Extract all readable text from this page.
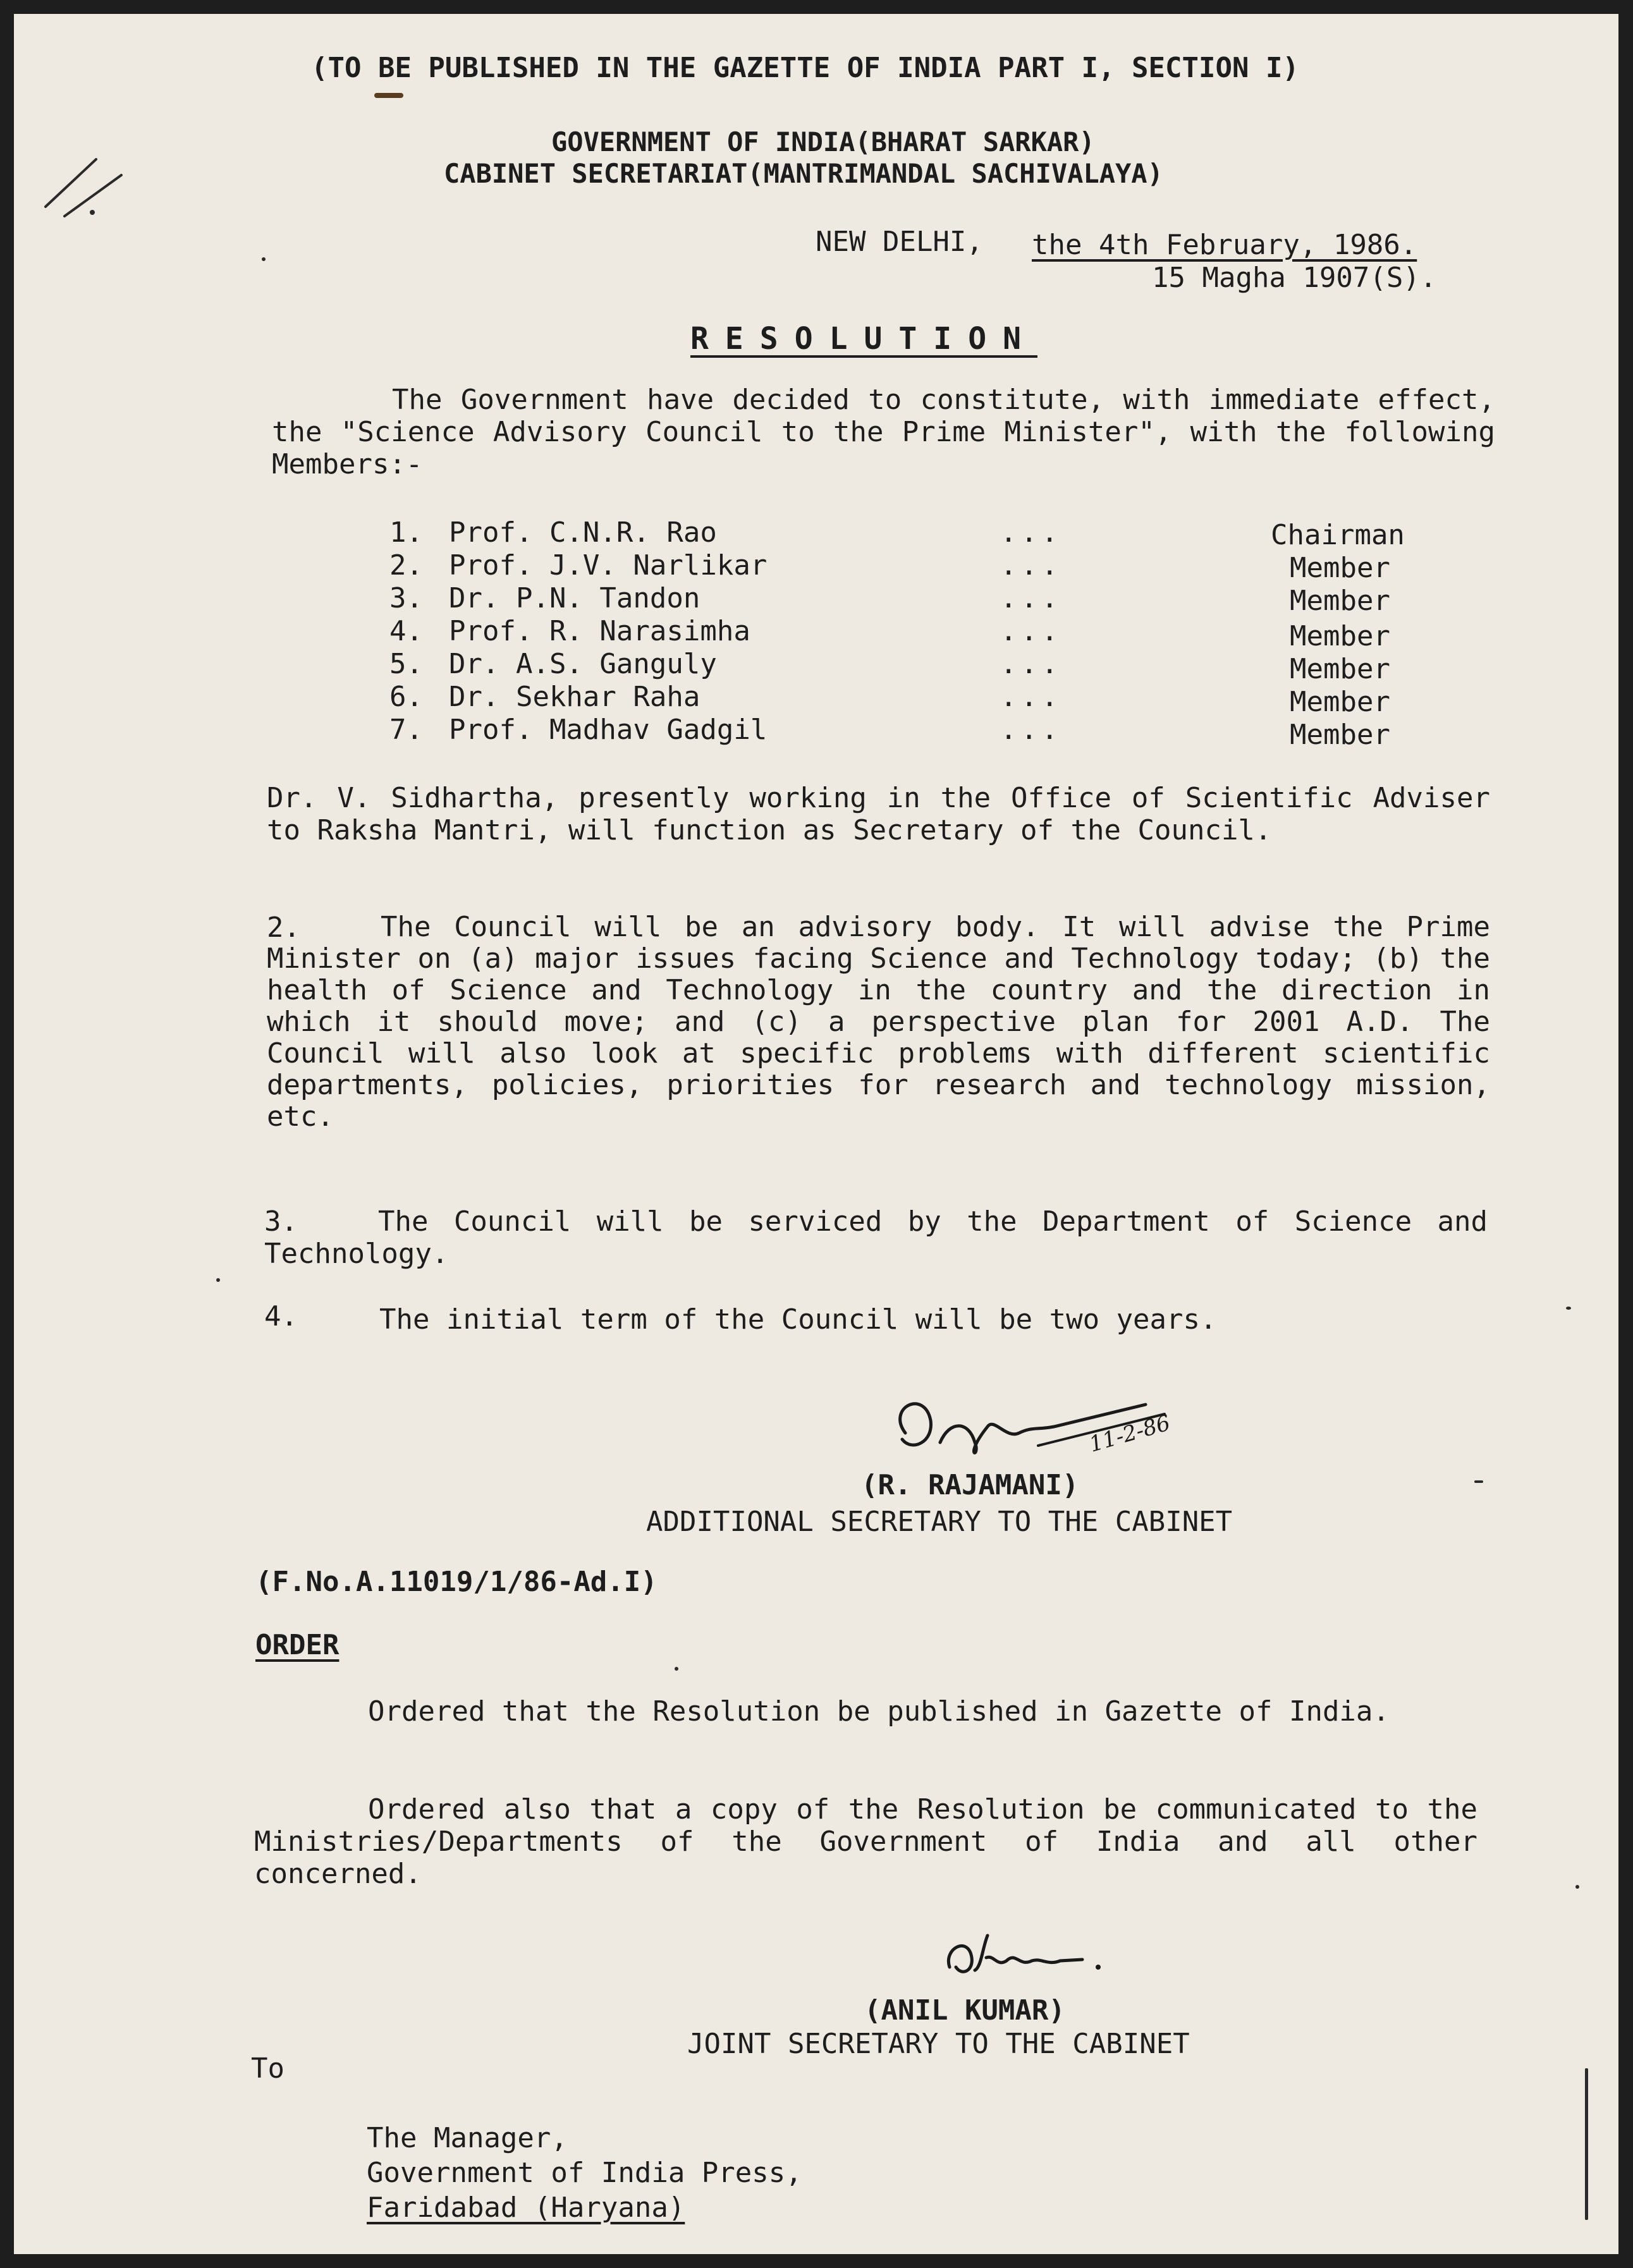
(TO BE PUBLISHED IN THE GAZETTE OF INDIA PART I, SECTION I)
GOVERNMENT OF INDIA(BHARAT SARKAR)
CABINET SECRETARIAT(MANTRIMANDAL SACHIVALAYA)
NEW DELHI, the 4th February, 1986.
15 Magha 1907(S).
RESOLUTION
The Government have decided to constitute, with immediate effect, the "Science Advisory Council to the Prime Minister", with the following Members:-
1. Prof. C.N.R. Rao	...	Chairman
2. Prof. J.V. Narlikar	...	Member
3. Dr. P.N. Tandon	...	Member
4. Prof. R. Narasimha	...	Member
5. Dr. A.S. Ganguly	...	Member
6. Dr. Sekhar Raha	...	Member
7. Prof. Madhav Gadgil	...	Member
Dr. V. Sidhartha, presently working in the Office of Scientific Adviser to Raksha Mantri, will function as Secretary of the Council.
2.	The Council will be an advisory body. It will advise the Prime Minister on (a) major issues facing Science and Technology today; (b) the health of Science and Technology in the country and the direction in which it should move; and (c) a perspective plan for 2001 A.D. The Council will also look at specific problems with different scientific departments, policies, priorities for research and technology mission, etc.
3.	The Council will be serviced by the Department of Science and Technology.
4.	The initial term of the Council will be two years.
11-2-86
(R. RAJAMANI)
ADDITIONAL SECRETARY TO THE CABINET
(F.No.A.11019/1/86-Ad.I)
ORDER
Ordered that the Resolution be published in Gazette of India.
Ordered also that a copy of the Resolution be communicated to the Ministries/Departments of the Government of India and all other concerned.
(ANIL KUMAR)
JOINT SECRETARY TO THE CABINET
To
The Manager,
Government of India Press,
Faridabad (Haryana)
